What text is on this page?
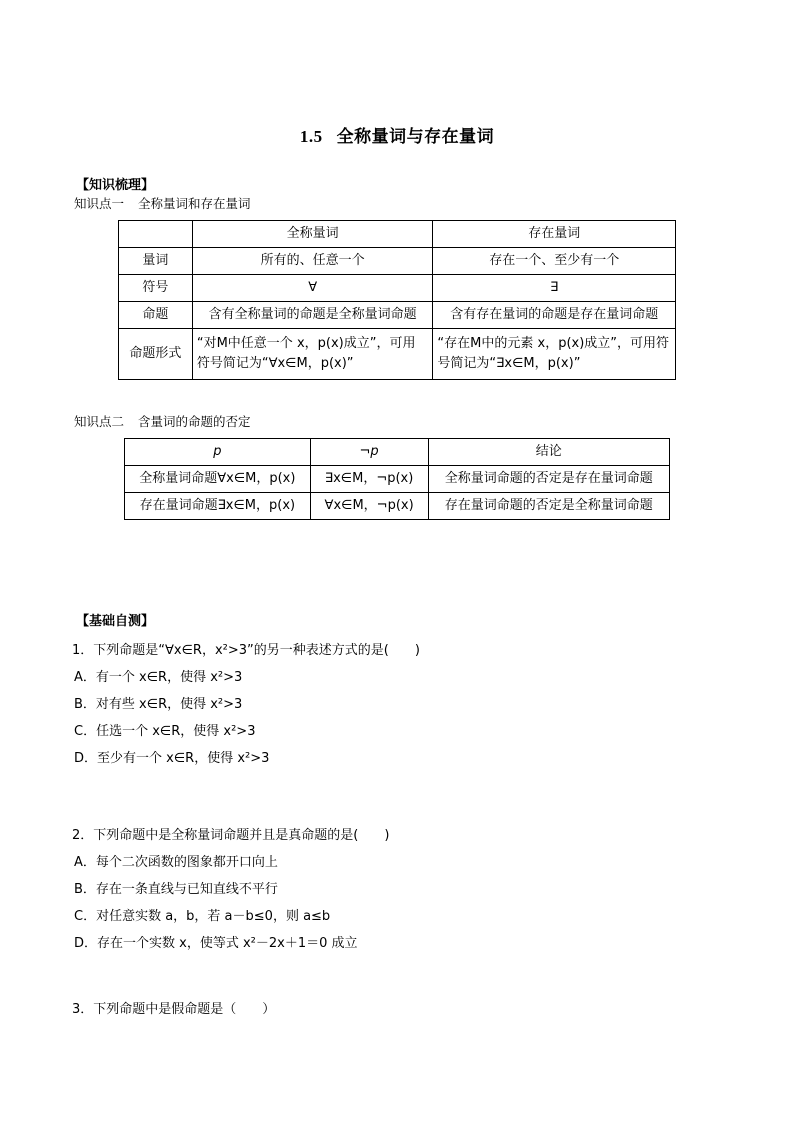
1.5 全称量词与存在量词
【知识梳理】
知识点一 全称量词和存在量词
	全称量词	存在量词
量词	所有的、任意一个	存在一个、至少有一个
符号	∀	∃
命题	含有全称量词的命题是全称量词命题	含有存在量词的命题是存在量词命题
命题形式	“对M中任意一个 x，p(x)成立”，可用符号简记为“∀x∈M，p(x)”	“存在M中的元素 x，p(x)成立”，可用符号简记为“∃x∈M，p(x)”
知识点二 含量词的命题的否定
p	¬p	结论
全称量词命题∀x∈M，p(x)	∃x∈M，¬p(x)	全称量词命题的否定是存在量词命题
存在量词命题∃x∈M，p(x)	∀x∈M，¬p(x)	存在量词命题的否定是全称量词命题
【基础自测】
1．下列命题是“∀x∈R，x²>3”的另一种表述方式的是(　　)
A．有一个 x∈R，使得 x²>3
B．对有些 x∈R，使得 x²>3
C．任选一个 x∈R，使得 x²>3
D．至少有一个 x∈R，使得 x²>3
2．下列命题中是全称量词命题并且是真命题的是(　　)
A．每个二次函数的图象都开口向上
B．存在一条直线与已知直线不平行
C．对任意实数 a，b，若 a－b≤0，则 a≤b
D．存在一个实数 x，使等式 x²－2x＋1＝0 成立
3．下列命题中是假命题是（　　）
